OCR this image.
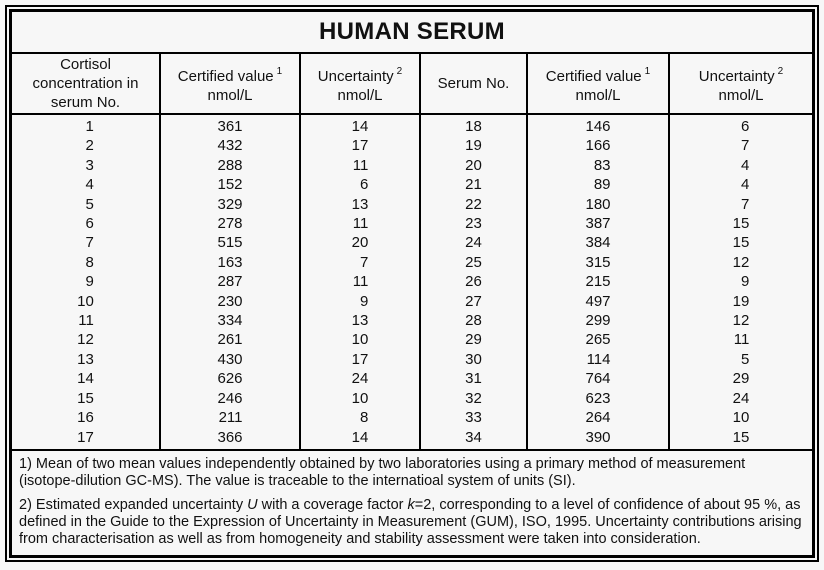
HUMAN SERUM
Cortisol
concentration in
serum No.	Certified value $^1$
nmol/L	Uncertainty $^2$
nmol/L	Serum No.	Certified value $^1$
nmol/L	Uncertainty $^2$
nmol/L

1	361	14	18	146	6
2	432	17	19	166	7
3	288	11	20	83	4
4	152	6	21	89	4
5	329	13	22	180	7
6	278	11	23	387	15
7	515	20	24	384	15
8	163	7	25	315	12
9	287	11	26	215	9
10	230	9	27	497	19
11	334	13	28	299	12
12	261	10	29	265	11
13	430	17	30	114	5
14	626	24	31	764	29
15	246	10	32	623	24
16	211	8	33	264	10
17	366	14	34	390	15

1) Mean of two mean values independently obtained by two laboratories using a primary method of measurement (isotope-dilution GC-MS). The value is traceable to the internatioal system of units (SI).

2) Estimated expanded uncertainty U with a coverage factor k=2, corresponding to a level of confidence of about 95 %, as defined in the Guide to the Expression of Uncertainty in Measurement (GUM), ISO, 1995. Uncertainty contributions arising from characterisation as well as from homogeneity and stability assessment were taken into consideration.
